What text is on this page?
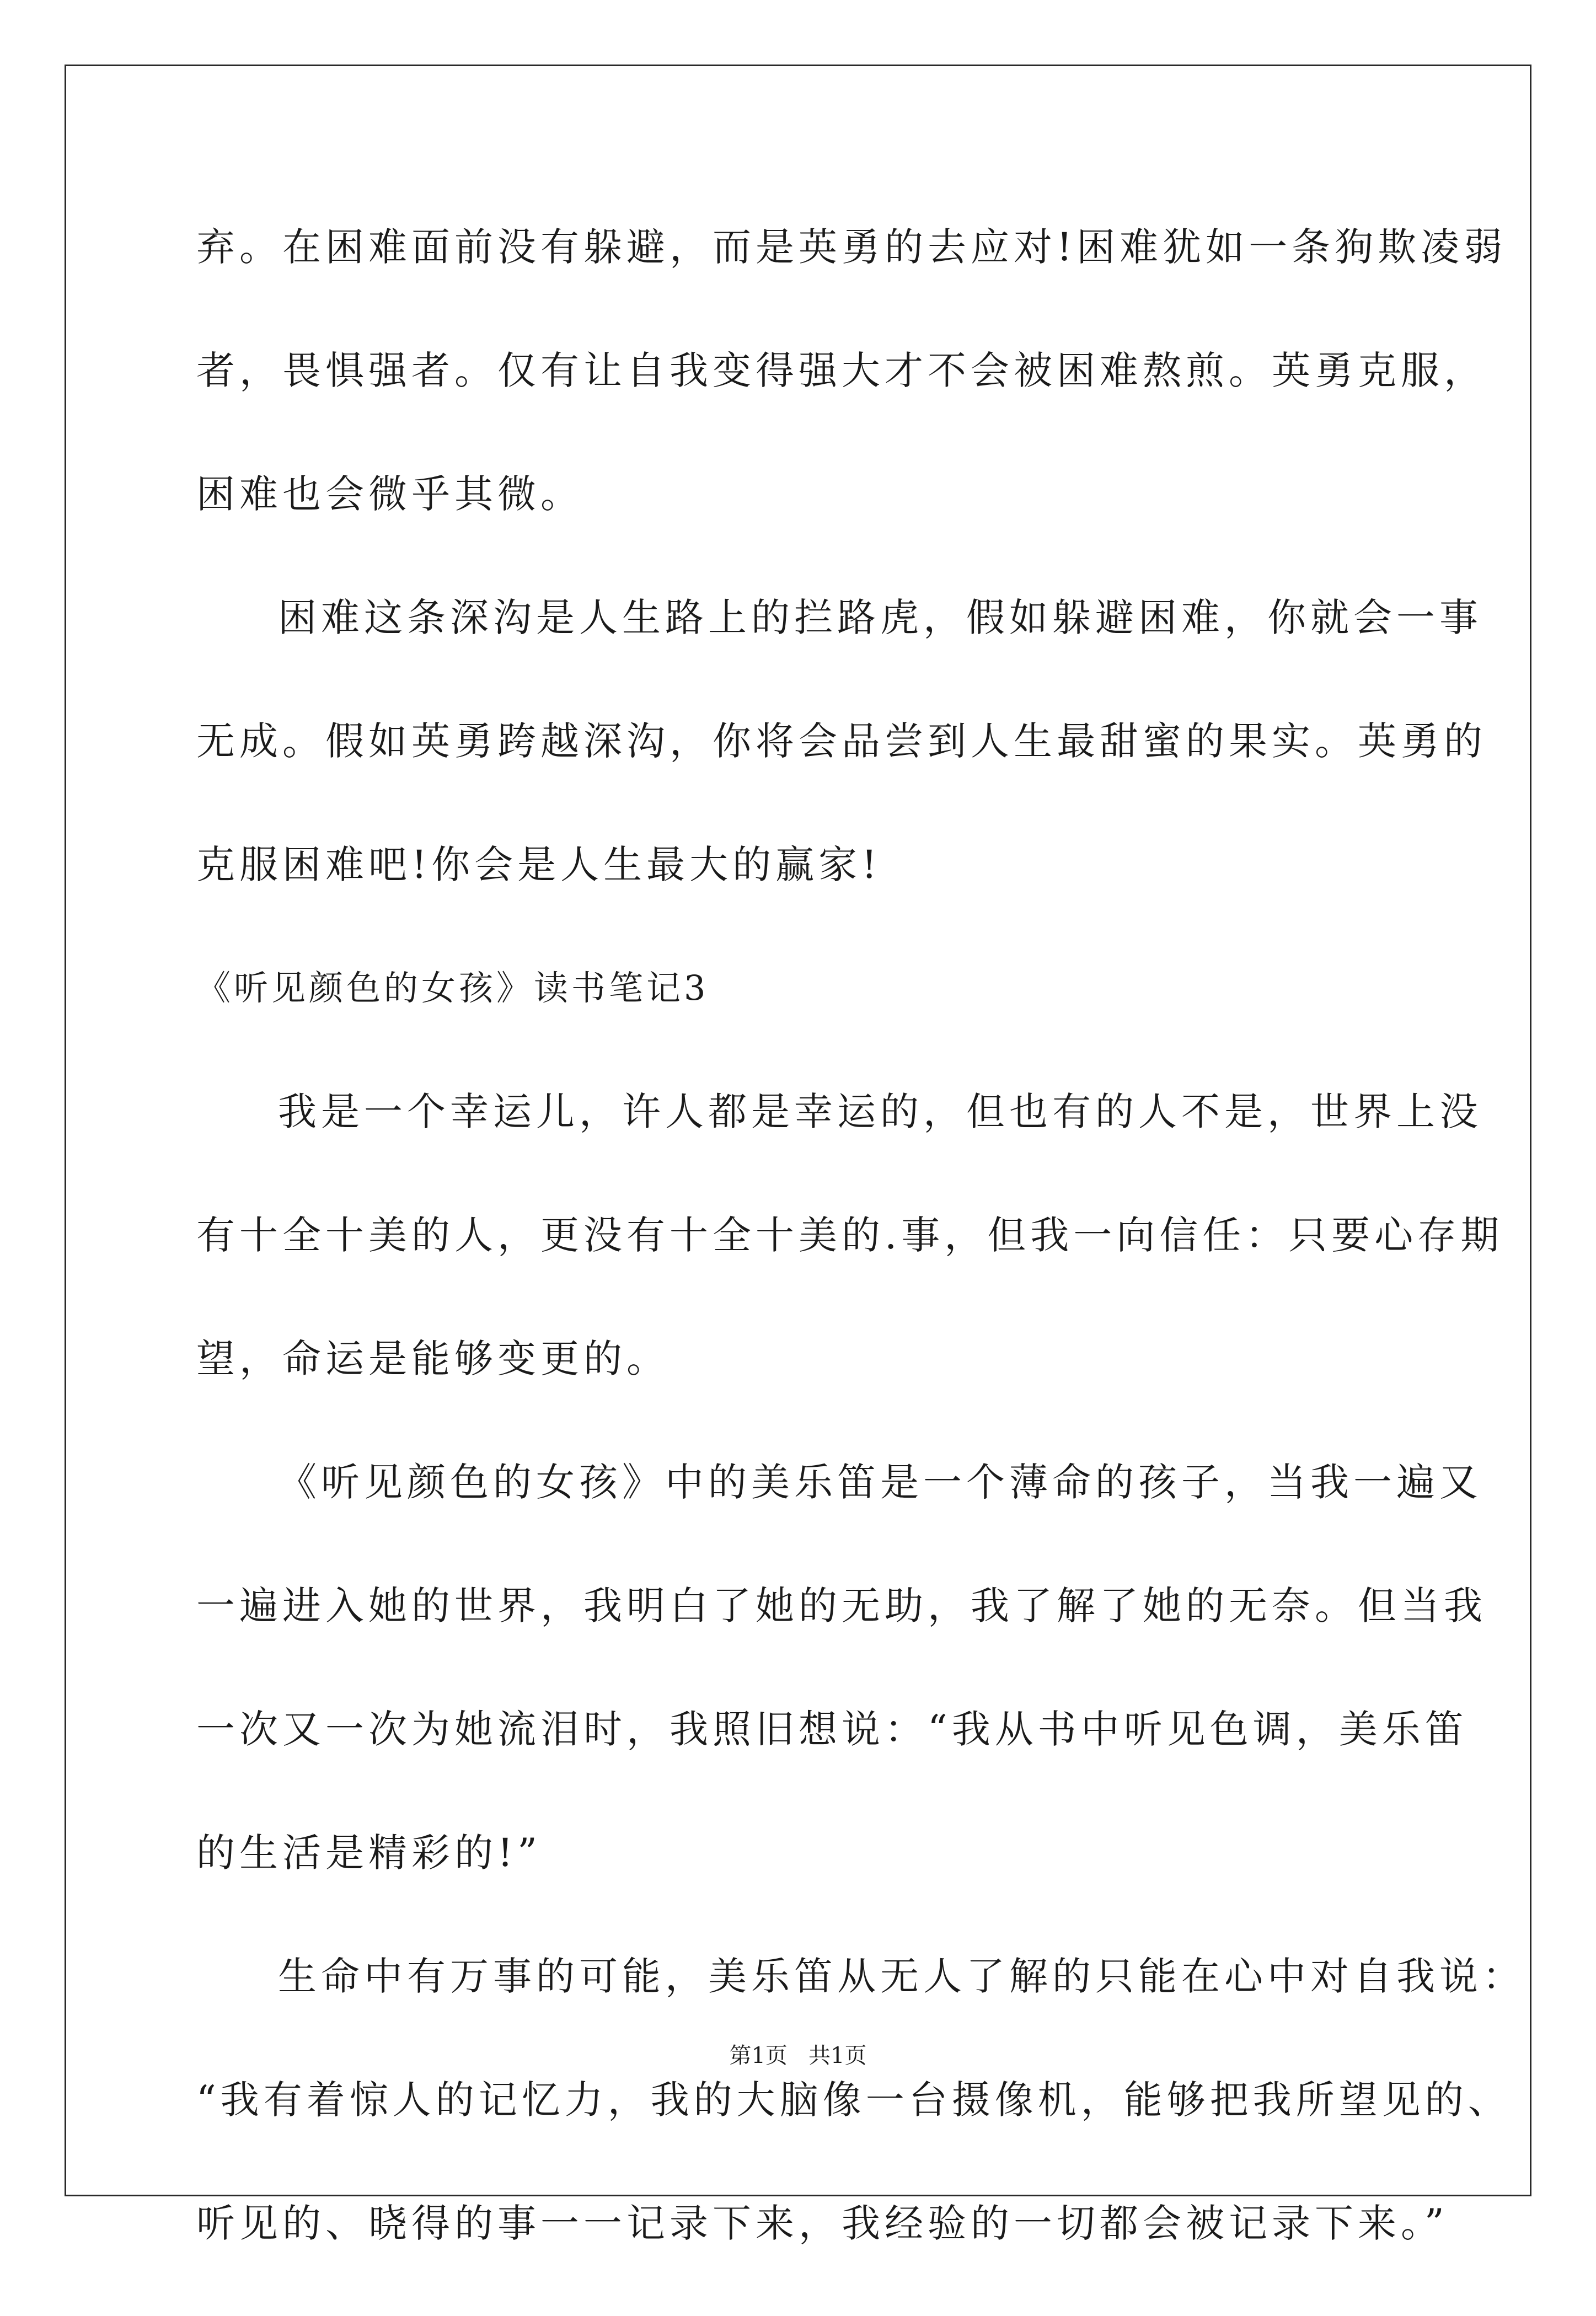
弃。在困难面前没有躲避，而是英勇的去应对!困难犹如一条狗欺凌弱

者，畏惧强者。仅有让自我变得强大才不会被困难熬煎。英勇克服，

困难也会微乎其微。

困难这条深沟是人生路上的拦路虎，假如躲避困难，你就会一事

无成。假如英勇跨越深沟，你将会品尝到人生最甜蜜的果实。英勇的

克服困难吧!你会是人生最大的赢家!

《听见颜色的女孩》读书笔记3

我是一个幸运儿，许人都是幸运的，但也有的人不是，世界上没

有十全十美的人，更没有十全十美的.事，但我一向信任：只要心存期

望，命运是能够变更的。

《听见颜色的女孩》中的美乐笛是一个薄命的孩子，当我一遍又

一遍进入她的世界，我明白了她的无助，我了解了她的无奈。但当我

一次又一次为她流泪时，我照旧想说：“我从书中听见色调，美乐笛

的生活是精彩的!”

生命中有万事的可能，美乐笛从无人了解的只能在心中对自我说：

“我有着惊人的记忆力，我的大脑像一台摄像机，能够把我所望见的、

听见的、晓得的事一一记录下来，我经验的一切都会被记录下来。”

第1页   共1页
